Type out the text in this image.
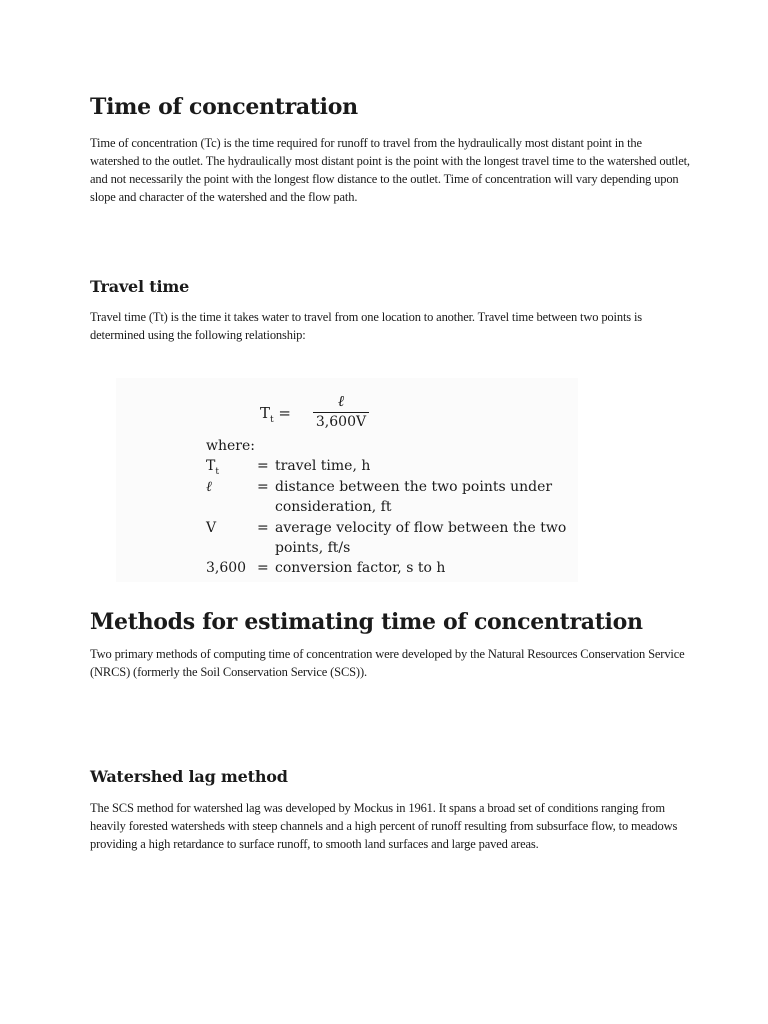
Time of concentration

Time of concentration (Tc) is the time required for runoff to travel from the hydraulically most distant point in the watershed to the outlet. The hydraulically most distant point is the point with the longest travel time to the watershed outlet, and not necessarily the point with the longest flow distance to the outlet. Time of concentration will vary depending upon slope and character of the watershed and the flow path.

Travel time

Travel time (Tt) is the time it takes water to travel from one location to another. Travel time between two points is determined using the following relationship:

Two primary methods of computing time of concentration were developed by the Natural Resources Conservation Service (NRCS) (formerly the Soil Conservation Service (SCS)).

Methods for estimating time of concentration
Watershed lag method

The SCS method for watershed lag was developed by Mockus in 1961. It spans a broad set of conditions ranging from heavily forested watersheds with steep channels and a high percent of runoff resulting from subsurface flow, to meadows providing a high retardance to surface runoff, to smooth land surfaces and large paved areas.

$T_t$ =
ℓ
3,600V
where:
$T_t$	= travel time, h
ℓ	= distance between the two points under
consideration, ft
V	= average velocity of flow between the two
points, ft/s
3,600 = conversion factor, s to h
